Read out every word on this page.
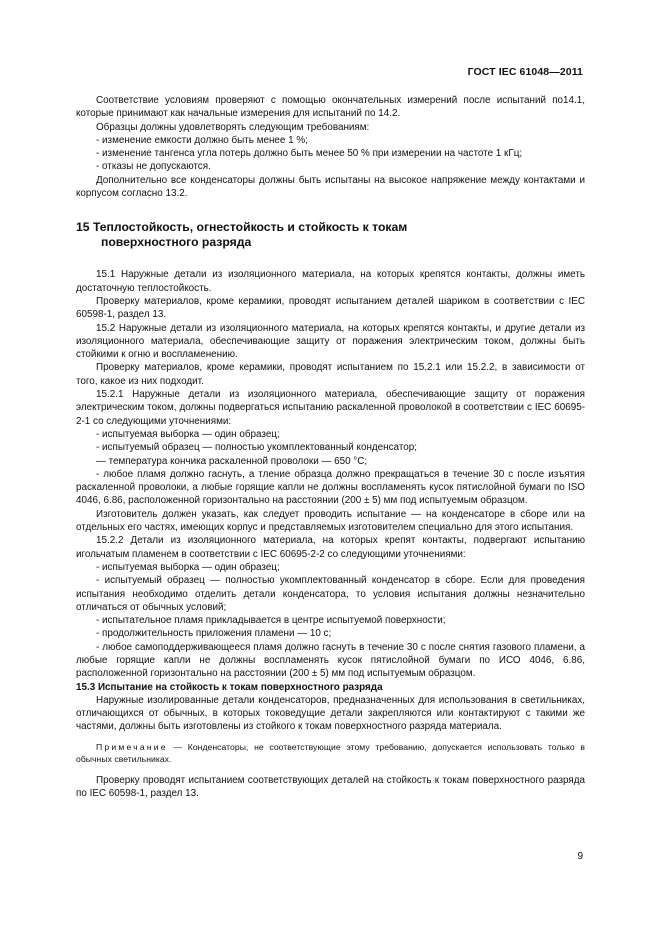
ГОСТ IEC 61048—2011

Соответствие условиям проверяют с помощью окончательных измерений после испытаний по14.1, которые принимают как начальные измерения для испытаний по 14.2.

Образцы должны удовлетворять следующим требованиям:

- изменение емкости должно быть менее 1 %;

- изменение тангенса угла потерь должно быть менее 50 % при измерении на частоте 1 кГц;

- отказы не допускаются.

Дополнительно все конденсаторы должны быть испытаны на высокое напряжение между контактами и корпусом согласно 13.2.

15 Теплостойкость, огнестойкость и стойкость к токам
поверхностного разряда

15.1 Наружные детали из изоляционного материала, на которых крепятся контакты, должны иметь достаточную теплостойкость.

Проверку материалов, кроме керамики, проводят испытанием деталей шариком в соответствии с IEC 60598-1, раздел 13.

15.2 Наружные детали из изоляционного материала, на которых крепятся контакты, и другие детали из изоляционного материала, обеспечивающие защиту от поражения электрическим током, должны быть стойкими к огню и воспламенению.

Проверку материалов, кроме керамики, проводят испытанием по 15.2.1 или 15.2.2, в зависимости от того, какое из них подходит.

15.2.1 Наружные детали из изоляционного материала, обеспечивающие защиту от поражения электрическим током, должны подвергаться испытанию раскаленной проволокой в соответствии с IEC 60695-2-1 со следующими уточнениями:

- испытуемая выборка — один образец;

- испытуемый образец — полностью укомплектованный конденсатор;

— температура кончика раскаленной проволоки — 650 °С;

- любое пламя должно гаснуть, а тление образца должно прекращаться в течение 30 с после изъятия раскаленной проволоки, а любые горящие капли не должны воспламенять кусок пятислойной бумаги по ISO 4046, 6.86, расположенной горизонтально на расстоянии (200 ± 5) мм под испытуемым образцом.

Изготовитель должен указать, как следует проводить испытание — на конденсаторе в сборе или на отдельных его частях, имеющих корпус и представляемых изготовителем специально для этого испытания.

15.2.2 Детали из изоляционного материала, на которых крепят контакты, подвергают испытанию игольчатым пламенем в соответствии с IEC 60695-2-2 со следующими уточнениями:

- испытуемая выборка — один образец;

- испытуемый образец — полностью укомплектованный конденсатор в сборе. Если для проведения испытания необходимо отделить детали конденсатора, то условия испытания должны незначительно отличаться от обычных условий;

- испытательное пламя прикладывается в центре испытуемой поверхности;

- продолжительность приложения пламени — 10 с;

- любое самоподдерживающееся пламя должно гаснуть в течение 30 с после снятия газового пламени, а любые горящие капли не должны воспламенять кусок пятислойной бумаги по ИСО 4046, 6.86, расположенной горизонтально на расстоянии (200 ± 5) мм под испытуемым образцом.

15.3 Испытание на стойкость к токам поверхностного разряда

Наружные изолированные детали конденсаторов, предназначенных для использования в светильниках, отличающихся от обычных, в которых токоведущие детали закрепляются или контактируют с такими же частями, должны быть изготовлены из стойкого к токам поверхностного разряда материала.

Примечание — Конденсаторы, не соответствующие этому требованию, допускается использовать только в обычных светильниках.

Проверку проводят испытанием соответствующих деталей на стойкость к токам поверхностного разряда по IEC 60598-1, раздел 13.

9
